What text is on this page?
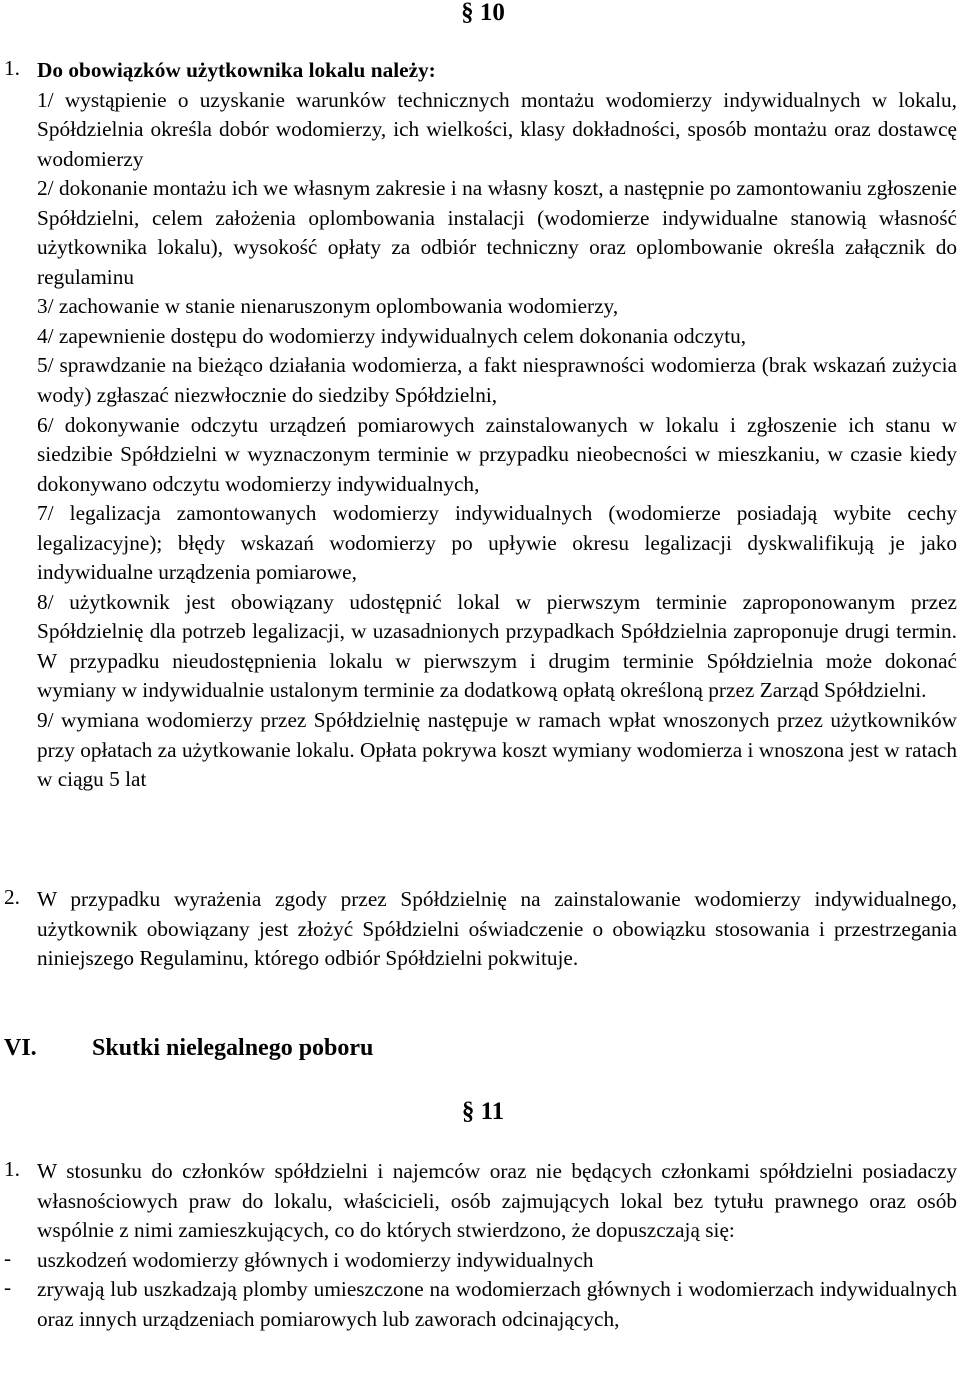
§ 10
1. Do obowiązków użytkownika lokalu należy:

1/ wystąpienie o uzyskanie warunków technicznych montażu wodomierzy indywidualnych w lokalu, Spółdzielnia określa dobór wodomierzy, ich wielkości, klasy dokładności, sposób montażu oraz dostawcę wodomierzy

2/ dokonanie montażu ich we własnym zakresie i na własny koszt, a następnie po zamontowaniu zgłoszenie Spółdzielni, celem założenia oplombowania instalacji (wodomierze indywidualne stanowią własność użytkownika lokalu), wysokość opłaty za odbiór techniczny oraz oplombowanie określa załącznik do regulaminu

3/ zachowanie w stanie nienaruszonym oplombowania wodomierzy,

4/ zapewnienie dostępu do wodomierzy indywidualnych celem dokonania odczytu,

5/ sprawdzanie na bieżąco działania wodomierza, a fakt niesprawności wodomierza (brak wskazań zużycia wody) zgłaszać niezwłocznie do siedziby Spółdzielni,

6/ dokonywanie odczytu urządzeń pomiarowych zainstalowanych w lokalu i zgłoszenie ich stanu w siedzibie Spółdzielni w wyznaczonym terminie w przypadku nieobecności w mieszkaniu, w czasie kiedy dokonywano odczytu wodomierzy indywidualnych,

7/ legalizacja zamontowanych wodomierzy indywidualnych (wodomierze posiadają wybite cechy legalizacyjne); błędy wskazań wodomierzy po upływie okresu legalizacji dyskwalifikują je jako indywidualne urządzenia pomiarowe,

8/ użytkownik jest obowiązany udostępnić lokal w pierwszym terminie zaproponowanym przez Spółdzielnię dla potrzeb legalizacji, w uzasadnionych przypadkach Spółdzielnia zaproponuje drugi termin. W przypadku nieudostępnienia lokalu w pierwszym i drugim terminie Spółdzielnia może dokonać wymiany w indywidualnie ustalonym terminie za dodatkową opłatą określoną przez Zarząd Spółdzielni.

9/ wymiana wodomierzy przez Spółdzielnię następuje w ramach wpłat wnoszonych przez użytkowników przy opłatach za użytkowanie lokalu. Opłata pokrywa koszt wymiany wodomierza i wnoszona jest w ratach w ciągu 5 lat

2. W przypadku wyrażenia zgody przez Spółdzielnię na zainstalowanie wodomierzy indywidualnego, użytkownik obowiązany jest złożyć Spółdzielni oświadczenie o obowiązku stosowania i przestrzegania niniejszego Regulaminu, którego odbiór Spółdzielni pokwituje.

VI. Skutki nielegalnego poboru
§ 11
1. W stosunku do członków spółdzielni i najemców oraz nie będących członkami spółdzielni posiadaczy własnościowych praw do lokalu, właścicieli, osób zajmujących lokal bez tytułu prawnego oraz osób wspólnie z nimi zamieszkujących, co do których stwierdzono, że dopuszczają się:

-	uszkodzeń wodomierzy głównych i wodomierzy indywidualnych

-	zrywają lub uszkadzają plomby umieszczone na wodomierzach głównych i wodomierzach indywidualnych oraz innych urządzeniach pomiarowych lub zaworach odcinających,
